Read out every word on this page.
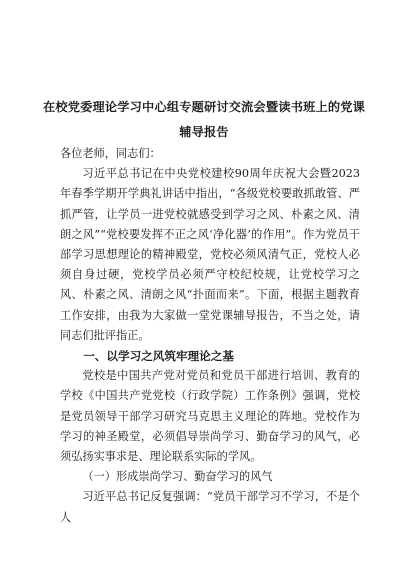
在校党委理论学习中心组专题研讨交流会暨读书班上的党课辅导报告

各位老师，同志们：

习近平总书记在中央党校建校90周年庆祝大会暨2023年春季学期开学典礼讲话中指出，“各级党校要敢抓敢管、严抓严管，让学员一进党校就感受到学习之风、朴素之风、清朗之风”“党校要发挥不正之风‘净化器’的作用”。作为党员干部学习思想理论的精神殿堂，党校必须风清气正，党校人必须自身过硬，党校学员必须严守校纪校规，让党校学习之风、朴素之风、清朗之风“扑面而来”。下面，根据主题教育工作安排，由我为大家做一堂党课辅导报告，不当之处，请同志们批评指正。

一、以学习之风筑牢理论之基

党校是中国共产党对党员和党员干部进行培训、教育的学校《中国共产党党校（行政学院）工作条例》强调，党校是党员领导干部学习研究马克思主义理论的阵地。党校作为学习的神圣殿堂，必须倡导崇尚学习、勤奋学习的风气，必须弘扬实事求是、理论联系实际的学风。

（一）形成崇尚学习、勤奋学习的风气

习近平总书记反复强调：“党员干部学习不学习，不是个人
